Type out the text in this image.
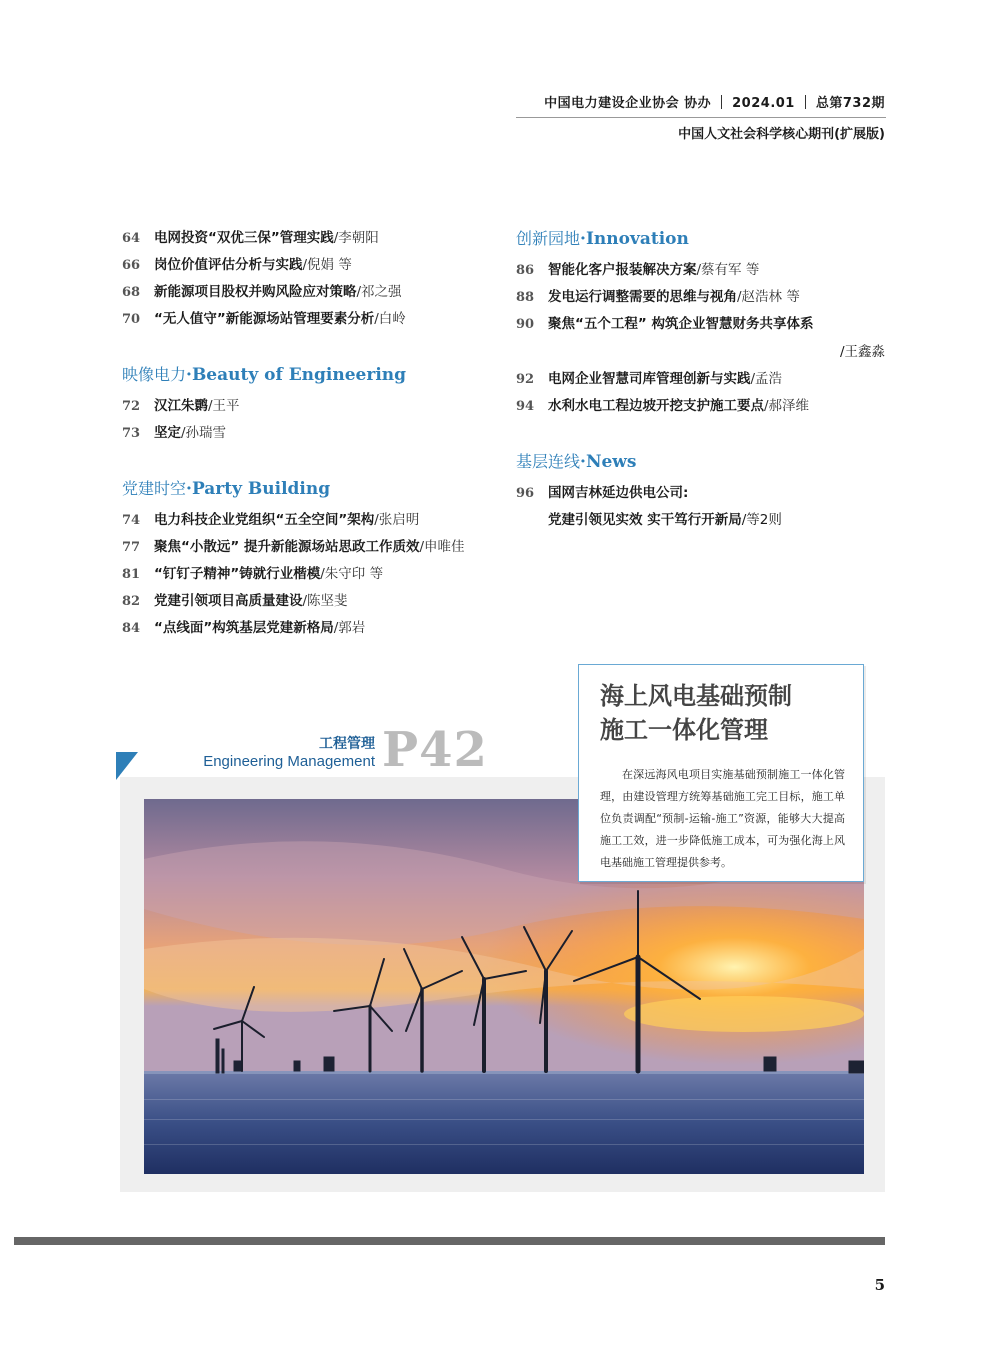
中国电力建设企业协会 协办 2024.01 总第732期
中国人文社会科学核心期刊(扩展版)
64 电网投资“双优三保”管理实践/李朝阳
66 岗位价值评估分析与实践/倪娟 等
68 新能源项目股权并购风险应对策略/祁之强
70 “无人值守”新能源场站管理要素分析/白岭
映像电力·Beauty of Engineering
72 汉江朱鹮/王平
73 坚定/孙瑞雪
党建时空·Party Building
74 电力科技企业党组织“五全空间”架构/张启明
77 聚焦“小散远” 提升新能源场站思政工作质效/申唯佳
81 “钉钉子精神”铸就行业楷模/朱守印 等
82 党建引领项目高质量建设/陈坚斐
84 “点线面”构筑基层党建新格局/郭岩
创新园地·Innovation
86 智能化客户报装解决方案/蔡有军 等
88 发电运行调整需要的思维与视角/赵浩林 等
90 聚焦“五个工程” 构筑企业智慧财务共享体系
/王鑫淼
92 电网企业智慧司库管理创新与实践/孟浩
94 水利水电工程边坡开挖支护施工要点/郝泽维
基层连线·News
96 国网吉林延边供电公司:
党建引领见实效 实干笃行开新局/等2则
工程管理
Engineering Management P42
海上风电基础预制
施工一体化管理
在深远海风电项目实施基础预制施工一体化管理，由建设管理方统筹基础施工完工目标，施工单位负责调配“预制-运输-施工”资源，能够大大提高施工工效，进一步降低施工成本，可为强化海上风电基础施工管理提供参考。
5
